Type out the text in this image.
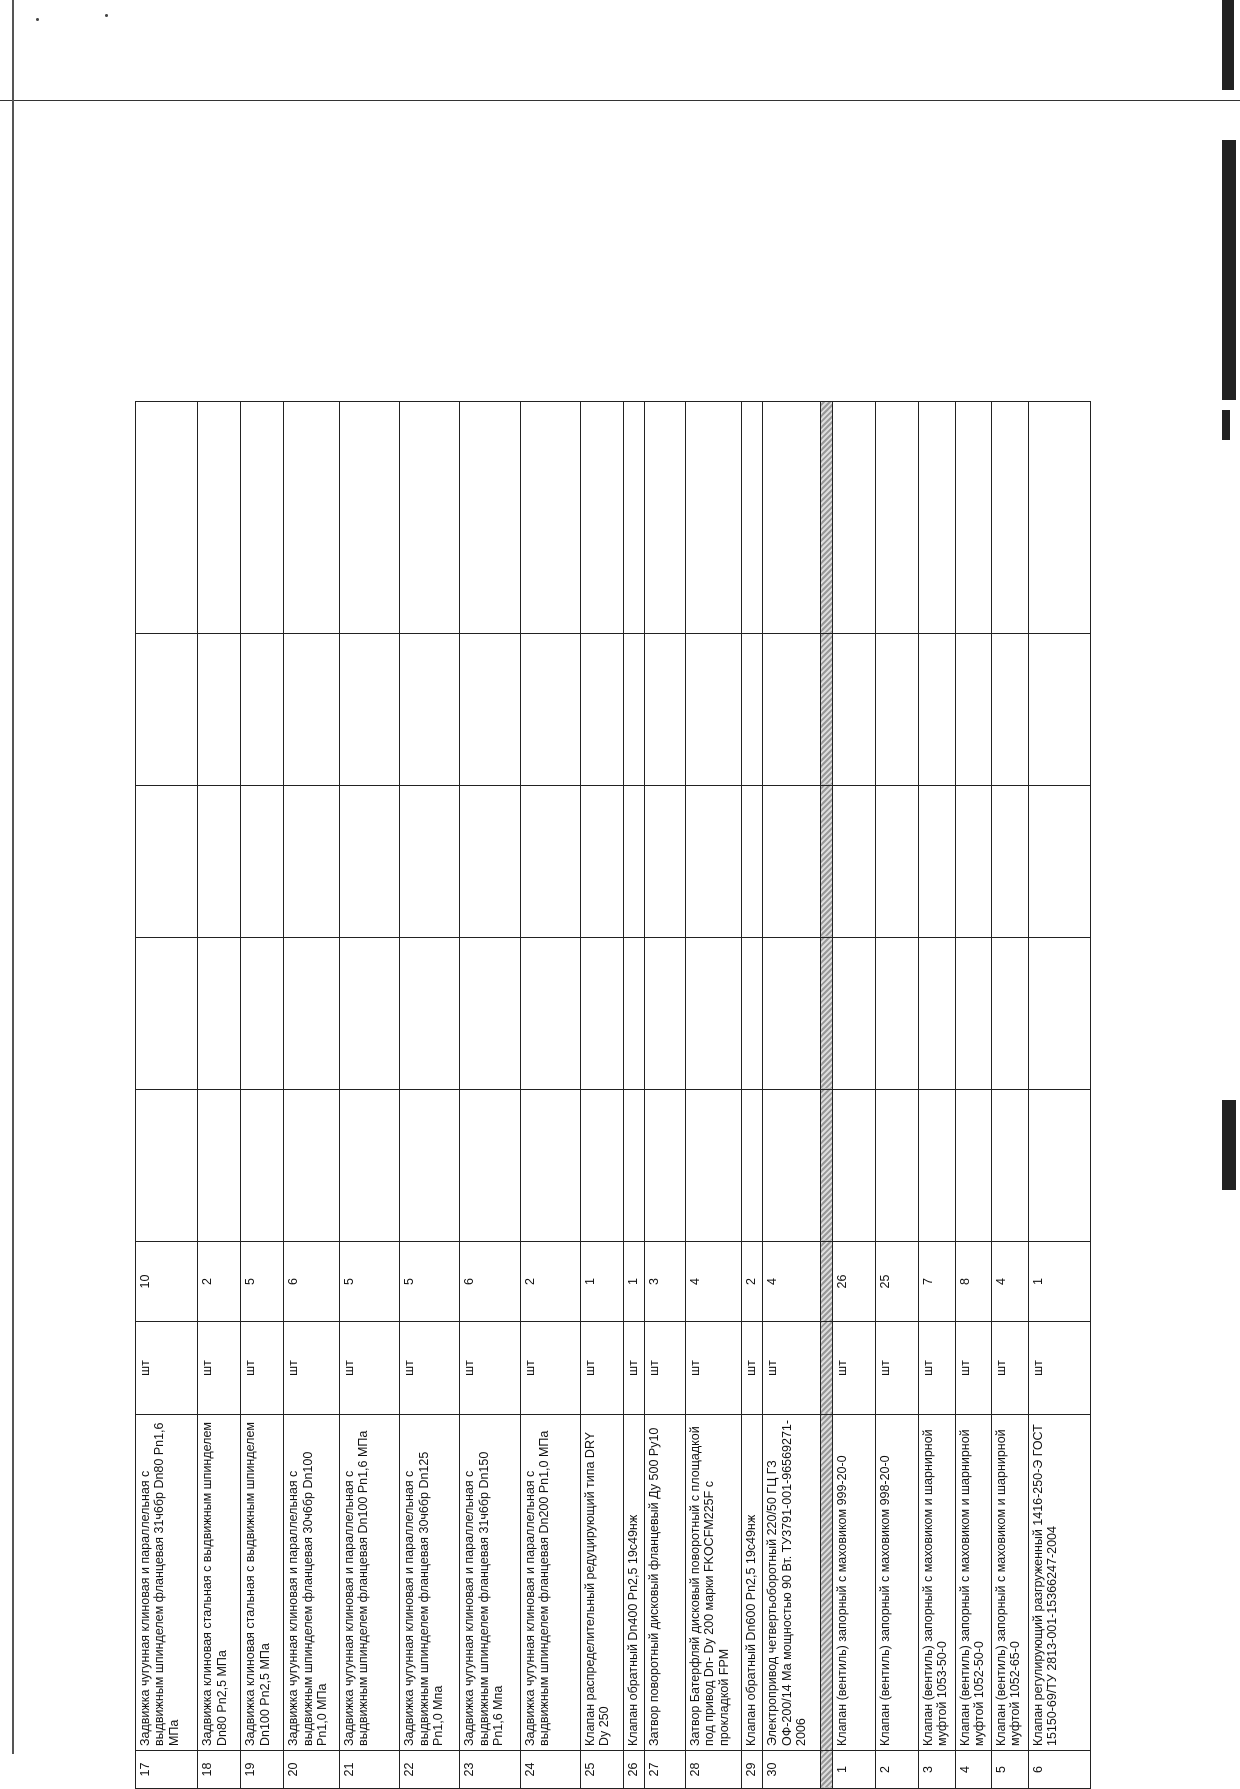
17	Задвижка чугунная клиновая и параллельная с выдвижным шпинделем фланцевая 31ч6бр Dn80 Pn1,6 МПа	шт	10					
18	Задвижка клиновая стальная с выдвижным шпинделем Dn80 Pn2,5 МПа	шт	2					
19	Задвижка клиновая стальная с выдвижным шпинделем Dn100 Pn2,5 МПа	шт	5					
20	Задвижка чугунная клиновая и параллельная с выдвижным шпинделем фланцевая 30ч6бр Dn100 Pn1,0 МПа	шт	6					
21	Задвижка чугунная клиновая и параллельная с выдвижным шпинделем фланцевая Dn100 Pn1,6 МПа	шт	5					
22	Задвижка чугунная клиновая и параллельная с выдвижным шпинделем фланцевая 30ч6бр Dn125 Pn1,0 Мпа	шт	5					
23	Задвижка чугунная клиновая и параллельная с выдвижным шпинделем фланцевая 31ч6бр Dn150 Pn1,6 Мпа	шт	6					
24	Задвижка чугунная клиновая и параллельная с выдвижным шпинделем фланцевая Dn200 Pn1,0 МПа	шт	2					
25	Клапан распределительный редуцирующий типа DRY Dy 250	шт	1					
26	Клапан обратный Dn400 Pn2,5 19с49нж	шт	1					
27	Затвор поворотный дисковый фланцевый Ду 500 Ру10	шт	3					
28	Затвор Батерфляй дисковый поворотный с площадкой под привод Dn- Dy 200 марки FKOCFM225F с прокладкой FPM	шт	4					
29	Клапан обратный Dn600 Pn2,5 19с49нж	шт	2					
30	Электропривод четвертьоборотный 220/50 ГЦ ГЗ ОФ-200/14 Ма мощностью 90 Вт. ТУ3791-001-96569271-2006	шт	4					

1	Клапан (вентиль) запорный с маховиком 999-20-0	шт	26					
2	Клапан (вентиль) запорный с маховиком 998-20-0	шт	25					
3	Клапан (вентиль) запорный с маховиком и шарнирной муфтой 1053-50-0	шт	7					
4	Клапан (вентиль) запорный с маховиком и шарнирной муфтой 1052-50-0	шт	8					
5	Клапан (вентиль) запорный с маховиком и шарнирной муфтой 1052-65-0	шт	4					
6	Клапан регулирующий разгруженный 1416-250-Э ГОСТ 15150-69/ТУ 2813-001-15366247-2004	шт	1					
